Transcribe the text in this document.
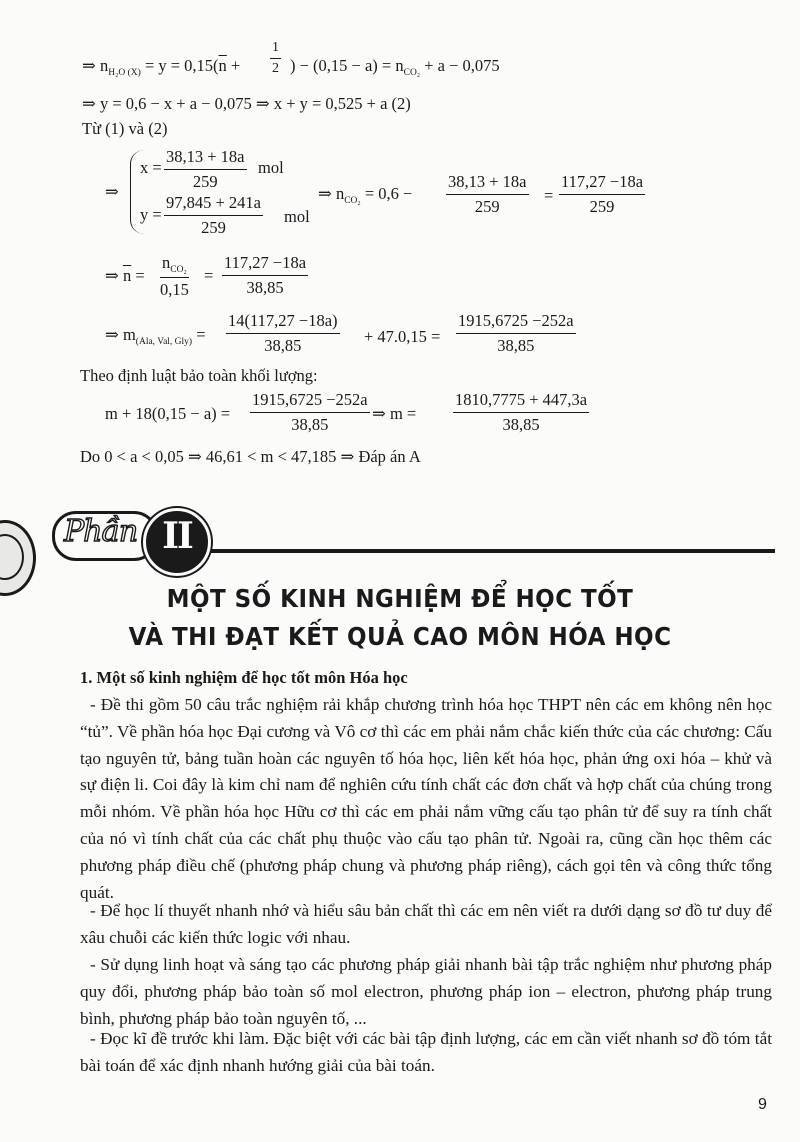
⇒ $n_{H_2O (X)} = y = 0,15(\overline{n} + \frac{1}{2}$ ) − $(0,15 - a) = n_{CO_2} + a - 0,075$
⇒ y = 0,6 − x + a − 0,075 ⇒ x + y = 0,525 + a (2)
Từ (1) và (2)
⇒
$x = \frac{38,13 + 18a}{259}$ mol
$y = \frac{97,845 + 241a}{259}$ mol
⇒ $n_{CO_2} = 0,6 - \frac{38,13 + 18a}{259} = \frac{117,27 -18a}{259}$
⇒ $\overline{n}$ =
$n_{CO_2}$
0,15
= $\frac{117,27 -18a}{38,85}$
⇒ $m_{(Ala, Val, Gly)} = \frac{14(117,27 -18a)}{38,85} + 47.0,15 = \frac{1915,6725 -252a}{38,85}$
Theo định luật bảo toàn khối lượng:
$m + 18(0,15 - a) = \frac{1915,6725 -252a}{38,85}$ ⇒ $m = \frac{1810,7775 + 447,3a}{38,85}$
Do 0 < a < 0,05 ⇒ 46,61 < m < 47,185 ⇒ Đáp án A
Phần II
MỘT SỐ KINH NGHIỆM ĐỂ HỌC TỐT
VÀ THI ĐẠT KẾT QUẢ CAO MÔN HÓA HỌC
1. Một số kinh nghiệm để học tốt môn Hóa học

- Đề thi gồm 50 câu trắc nghiệm rải khắp chương trình hóa học THPT nên các em không nên học “tủ”. Về phần hóa học Đại cương và Vô cơ thì các em phải nắm chắc kiến thức của các chương: Cấu tạo nguyên tử, bảng tuần hoàn các nguyên tố hóa học, liên kết hóa học, phản ứng oxi hóa – khử và sự điện li. Coi đây là kim chỉ nam để nghiên cứu tính chất các đơn chất và hợp chất của chúng trong mỗi nhóm. Về phần hóa học Hữu cơ thì các em phải nắm vững cấu tạo phân tử để suy ra tính chất của nó vì tính chất của các chất phụ thuộc vào cấu tạo phân tử. Ngoài ra, cũng cần học thêm các phương pháp điều chế (phương pháp chung và phương pháp riêng), cách gọi tên và công thức tổng quát.

- Để học lí thuyết nhanh nhớ và hiểu sâu bản chất thì các em nên viết ra dưới dạng sơ đồ tư duy để xâu chuỗi các kiến thức logic với nhau.

- Sử dụng linh hoạt và sáng tạo các phương pháp giải nhanh bài tập trắc nghiệm như phương pháp quy đổi, phương pháp bảo toàn số mol electron, phương pháp ion – electron, phương pháp trung bình, phương pháp bảo toàn nguyên tố, ...

- Đọc kĩ đề trước khi làm. Đặc biệt với các bài tập định lượng, các em cần viết nhanh sơ đồ tóm tắt bài toán để xác định nhanh hướng giải của bài toán.

9
